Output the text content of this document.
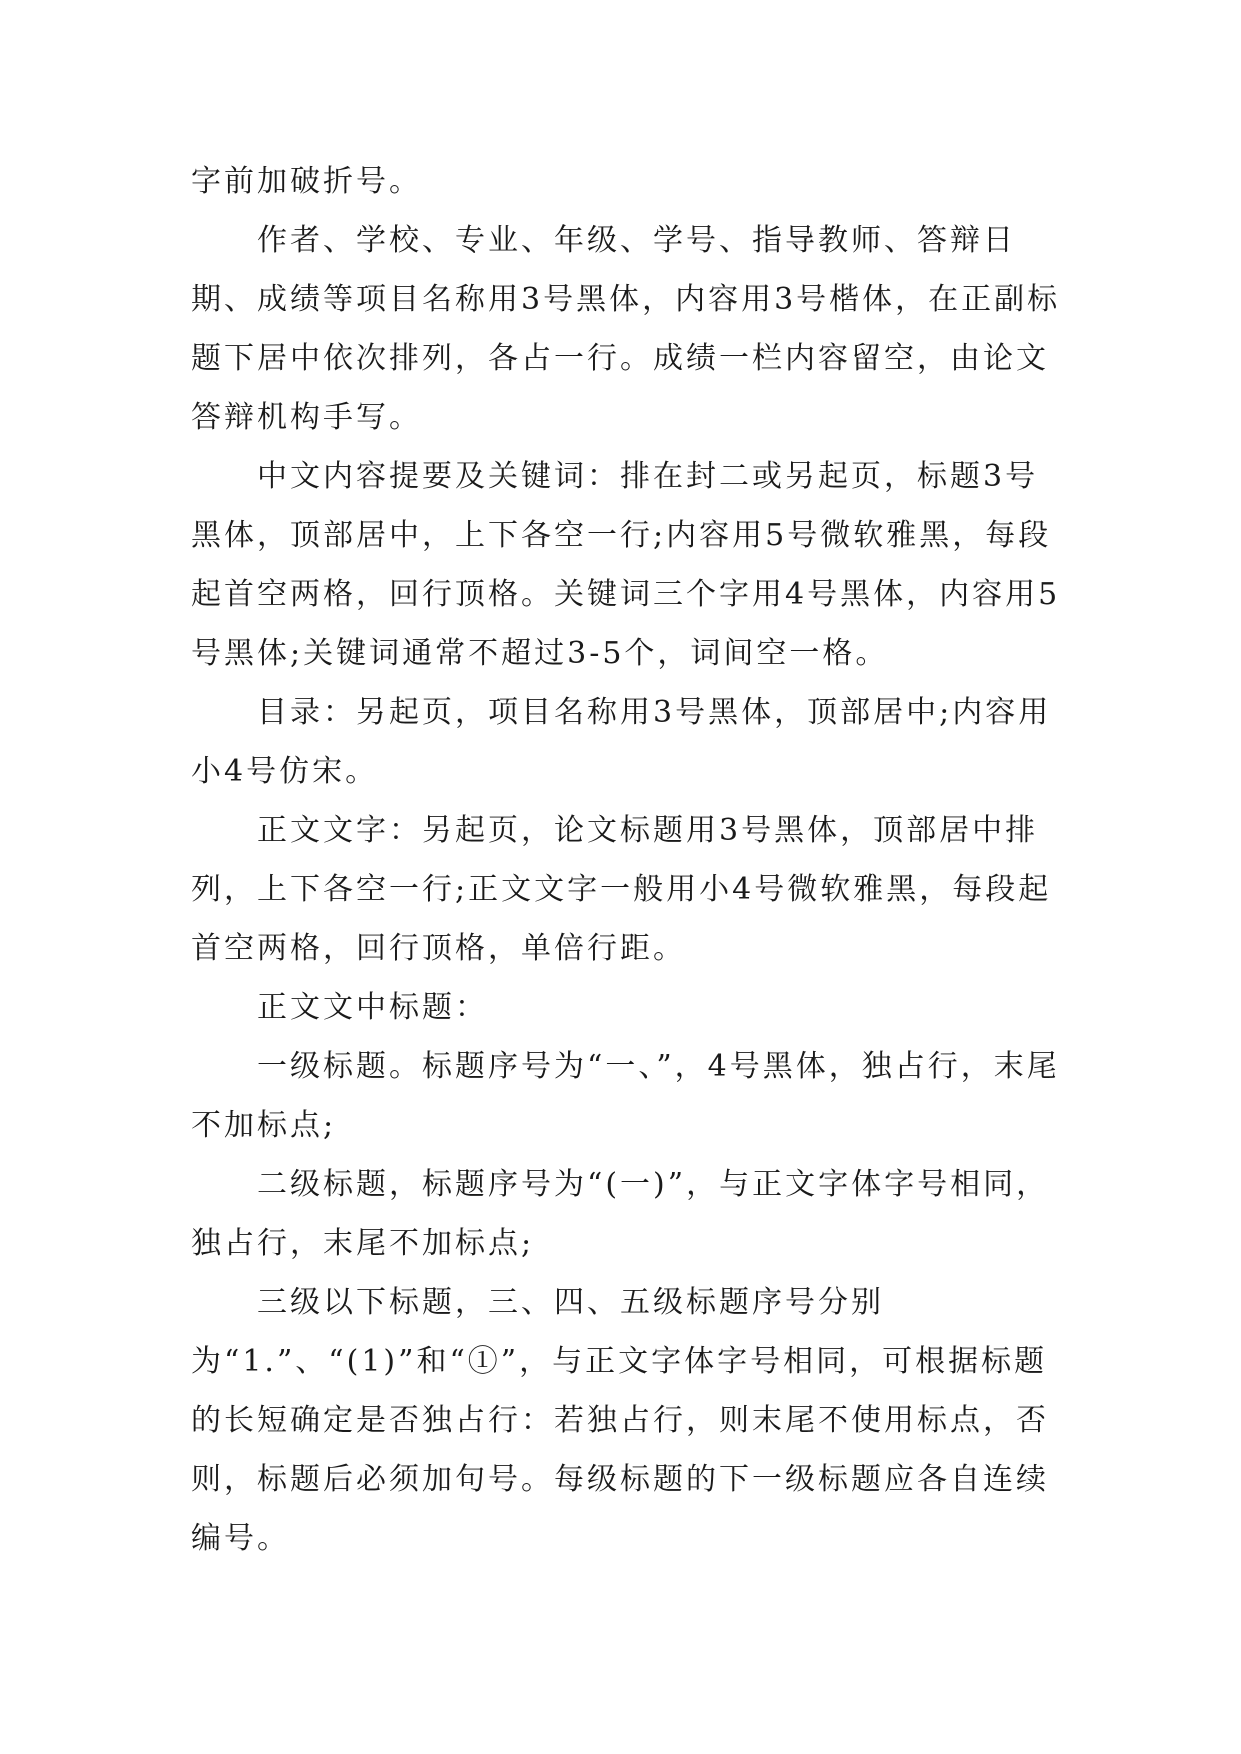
字前加破折号。

作者、学校、专业、年级、学号、指导教师、答辩日期、成绩等项目名称用3号黑体，内容用3号楷体，在正副标题下居中依次排列，各占一行。成绩一栏内容留空，由论文答辩机构手写。

中文内容提要及关键词：排在封二或另起页，标题3号黑体，顶部居中，上下各空一行;内容用5号微软雅黑，每段起首空两格，回行顶格。关键词三个字用4号黑体，内容用5号黑体;关键词通常不超过3-5个，词间空一格。

目录：另起页，项目名称用3号黑体，顶部居中;内容用小4号仿宋。

正文文字：另起页，论文标题用3号黑体，顶部居中排列，上下各空一行;正文文字一般用小4号微软雅黑，每段起首空两格，回行顶格，单倍行距。

正文文中标题：

一级标题。标题序号为“一、”，4号黑体，独占行，末尾不加标点;

二级标题，标题序号为“(一)”，与正文字体字号相同，独占行，末尾不加标点;

三级以下标题，三、四、五级标题序号分别为“1.”、“(1)”和“①”，与正文字体字号相同，可根据标题的长短确定是否独占行：若独占行，则末尾不使用标点，否则，标题后必须加句号。每级标题的下一级标题应各自连续编号。
